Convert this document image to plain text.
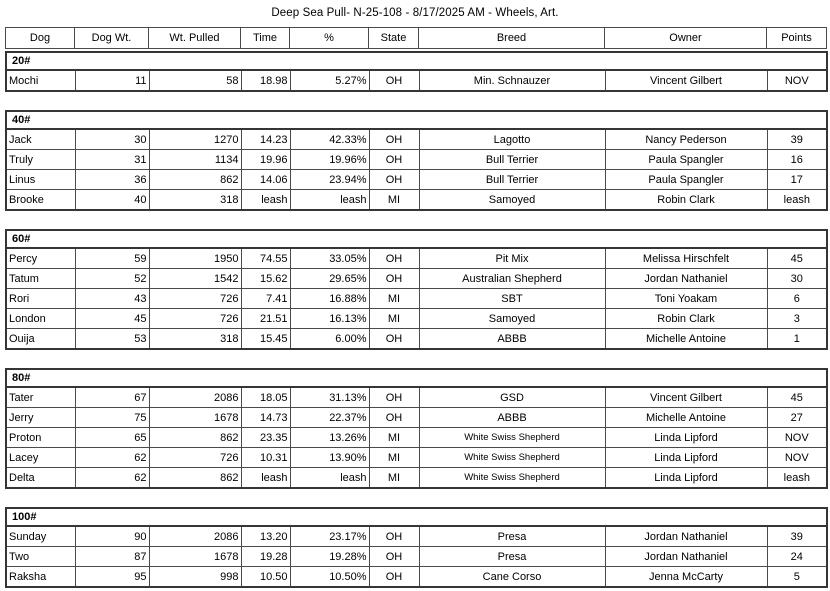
Deep Sea Pull- N-25-108 - 8/17/2025 AM - Wheels, Art.
Dog	Dog Wt.	Wt. Pulled	Time	%	State	Breed	Owner	Points
20#
Mochi	11	58	18.98	5.27%	OH	Min. Schnauzer	Vincent Gilbert	NOV
40#								
Jack	30	1270	14.23	42.33%	OH	Lagotto	Nancy Pederson	39
Truly	31	1134	19.96	19.96%	OH	Bull Terrier	Paula Spangler	16
Linus	36	862	14.06	23.94%	OH	Bull Terrier	Paula Spangler	17
Brooke	40	318	leash	leash	MI	Samoyed	Robin Clark	leash
60#								
Percy	59	1950	74.55	33.05%	OH	Pit Mix	Melissa Hirschfelt	45
Tatum	52	1542	15.62	29.65%	OH	Australian Shepherd	Jordan Nathaniel	30
Rori	43	726	7.41	16.88%	MI	SBT	Toni Yoakam	6
London	45	726	21.51	16.13%	MI	Samoyed	Robin Clark	3
Ouija	53	318	15.45	6.00%	OH	ABBB	Michelle Antoine	1
80#								
Tater	67	2086	18.05	31.13%	OH	GSD	Vincent Gilbert	45
Jerry	75	1678	14.73	22.37%	OH	ABBB	Michelle Antoine	27
Proton	65	862	23.35	13.26%	MI	White Swiss Shepherd	Linda Lipford	NOV
Lacey	62	726	10.31	13.90%	MI	White Swiss Shepherd	Linda Lipford	NOV
Delta	62	862	leash	leash	MI	White Swiss Shepherd	Linda Lipford	leash
100#								
Sunday	90	2086	13.20	23.17%	OH	Presa	Jordan Nathaniel	39
Two	87	1678	19.28	19.28%	OH	Presa	Jordan Nathaniel	24
Raksha	95	998	10.50	10.50%	OH	Cane Corso	Jenna McCarty	5
